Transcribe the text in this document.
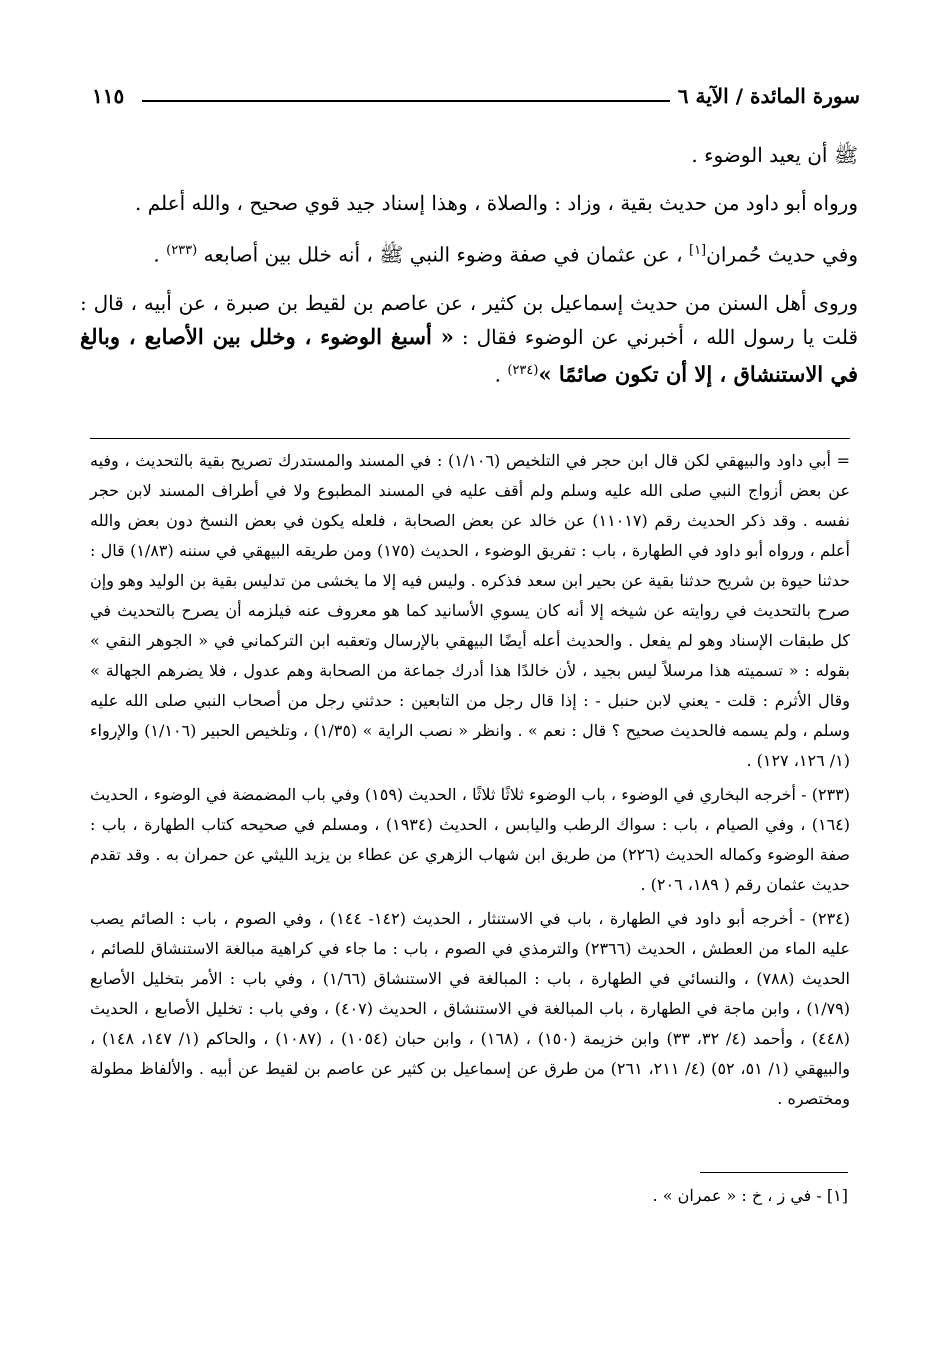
سورة المائدة / الآية ٦
١١٥

ﷺ أن يعيد الوضوء .

ورواه أبو داود من حديث بقية ، وزاد : والصلاة ، وهذا إسناد جيد قوي صحيح ، والله أعلم .

وفي حديث حُمران[١] ، عن عثمان في صفة وضوء النبي ﷺ ، أنه خلل بين أصابعه $^{(٢٣٣)}$ .

وروى أهل السنن من حديث إسماعيل بن كثير ، عن عاصم بن لقيط بن صبرة ، عن أبيه ، قال : قلت يا رسول الله ، أخبرني عن الوضوء فقال : « أسبغ الوضوء ، وخلل بين الأصابع ، وبالغ في الاستنشاق ، إلا أن تكون صائمًا »$^{(٢٣٤)}$ .

= أبي داود والبيهقي لكن قال ابن حجر في التلخيص (١/١٠٦) : في المسند والمستدرك تصريح بقية بالتحديث ، وفيه عن بعض أزواج النبي صلى الله عليه وسلم ولم أقف عليه في المسند المطبوع ولا في أطراف المسند لابن حجر نفسه . وقد ذكر الحديث رقم (١١٠١٧) عن خالد عن بعض الصحابة ، فلعله يكون في بعض النسخ دون بعض والله أعلم ، ورواه أبو داود في الطهارة ، باب : تفريق الوضوء ، الحديث (١٧٥) ومن طريقه البيهقي في سننه (١/٨٣) قال : حدثنا حيوة بن شريح حدثنا بقية عن بحير ابن سعد فذكره . وليس فيه إلا ما يخشى من تدليس بقية بن الوليد وهو وإن صرح بالتحديث في روايته عن شيخه إلا أنه كان يسوي الأسانيد كما هو معروف عنه فيلزمه أن يصرح بالتحديث في كل طبقات الإسناد وهو لم يفعل . والحديث أعله أيضًا البيهقي بالإرسال وتعقبه ابن التركماني في « الجوهر النقي » بقوله : « تسميته هذا مرسلاً ليس بجيد ، لأن خالدًا هذا أدرك جماعة من الصحابة وهم عدول ، فلا يضرهم الجهالة » وقال الأثرم : قلت - يعني لابن حنبل - : إذا قال رجل من التابعين : حدثني رجل من أصحاب النبي صلى الله عليه وسلم ، ولم يسمه فالحديث صحيح ؟ قال : نعم » . وانظر « نصب الراية » (١/٣٥) ، وتلخيص الحبير (١/١٠٦) والإرواء (١/ ١٢٦، ١٢٧) .

(٢٣٣) - أخرجه البخاري في الوضوء ، باب الوضوء ثلاثًا ثلاثًا ، الحديث (١٥٩) وفي باب المضمضة في الوضوء ، الحديث (١٦٤) ، وفي الصيام ، باب : سواك الرطب واليابس ، الحديث (١٩٣٤) ، ومسلم في صحيحه كتاب الطهارة ، باب : صفة الوضوء وكماله الحديث (٢٢٦) من طريق ابن شهاب الزهري عن عطاء بن يزيد الليثي عن حمران به . وقد تقدم حديث عثمان رقم ( ١٨٩، ٢٠٦) .

(٢٣٤) - أخرجه أبو داود في الطهارة ، باب في الاستنثار ، الحديث (١٤٢- ١٤٤) ، وفي الصوم ، باب : الصائم يصب عليه الماء من العطش ، الحديث (٢٣٦٦) والترمذي في الصوم ، باب : ما جاء في كراهية مبالغة الاستنشاق للصائم ، الحديث (٧٨٨) ، والنسائي في الطهارة ، باب : المبالغة في الاستنشاق (١/٦٦) ، وفي باب : الأمر بتخليل الأصابع (١/٧٩) ، وابن ماجة في الطهارة ، باب المبالغة في الاستنشاق ، الحديث (٤٠٧) ، وفي باب : تخليل الأصابع ، الحديث (٤٤٨) ، وأحمد (٤/ ٣٢، ٣٣) وابن خزيمة (١٥٠) ، (١٦٨) ، وابن حبان (١٠٥٤) ، (١٠٨٧) ، والحاكم (١/ ١٤٧، ١٤٨) ، والبيهقي (١/ ٥١، ٥٢) (٤/ ٢١١، ٢٦١) من طرق عن إسماعيل بن كثير عن عاصم بن لقيط عن أبيه . والألفاظ مطولة ومختصره .

[١] - في ز ، خ : « عمران » .
